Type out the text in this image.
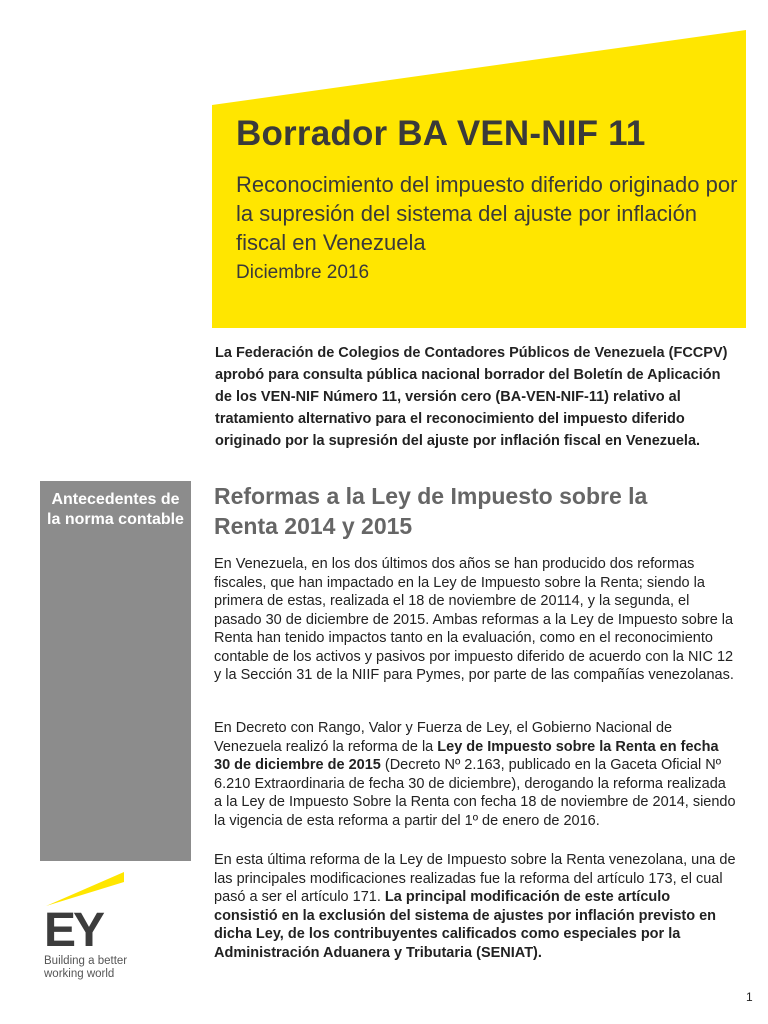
Borrador BA VEN-NIF 11

Reconocimiento del impuesto diferido originado por la supresión del sistema del ajuste por inflación fiscal en Venezuela

Diciembre 2016

La Federación de Colegios de Contadores Públicos de Venezuela (FCCPV) aprobó para consulta pública nacional borrador del Boletín de Aplicación de los VEN-NIF Número 11, versión cero (BA-VEN-NIF-11) relativo al tratamiento alternativo para el reconocimiento del impuesto diferido originado por la supresión del ajuste por inflación fiscal en Venezuela.

Antecedentes de la norma contable
Reformas a la Ley de Impuesto sobre la Renta 2014 y 2015

En Venezuela, en los dos últimos dos años se han producido dos reformas fiscales, que han impactado en la Ley de Impuesto sobre la Renta; siendo la primera de estas, realizada el 18 de noviembre de 20114, y la segunda, el pasado 30 de diciembre de 2015. Ambas reformas a la Ley de Impuesto sobre la Renta han tenido impactos tanto en la evaluación, como en el reconocimiento contable de los activos y pasivos por impuesto diferido de acuerdo con la NIC 12 y la Sección 31 de la NIIF para Pymes, por parte de las compañías venezolanas.

En Decreto con Rango, Valor y Fuerza de Ley, el Gobierno Nacional de Venezuela realizó la reforma de la Ley de Impuesto sobre la Renta en fecha 30 de diciembre de 2015 (Decreto Nº 2.163, publicado en la Gaceta Oficial Nº 6.210 Extraordinaria de fecha 30 de diciembre), derogando la reforma realizada a la Ley de Impuesto Sobre la Renta con fecha 18 de noviembre de 2014, siendo la vigencia de esta reforma a partir del 1º de enero de 2016.

En esta última reforma de la Ley de Impuesto sobre la Renta venezolana, una de las principales modificaciones realizadas fue la reforma del artículo 173, el cual pasó a ser el artículo 171. La principal modificación de este artículo consistió en la exclusión del sistema de ajustes por inflación previsto en dicha Ley, de los contribuyentes calificados como especiales por la Administración Aduanera y Tributaria (SENIAT).

EY

Building a better
working world

1
